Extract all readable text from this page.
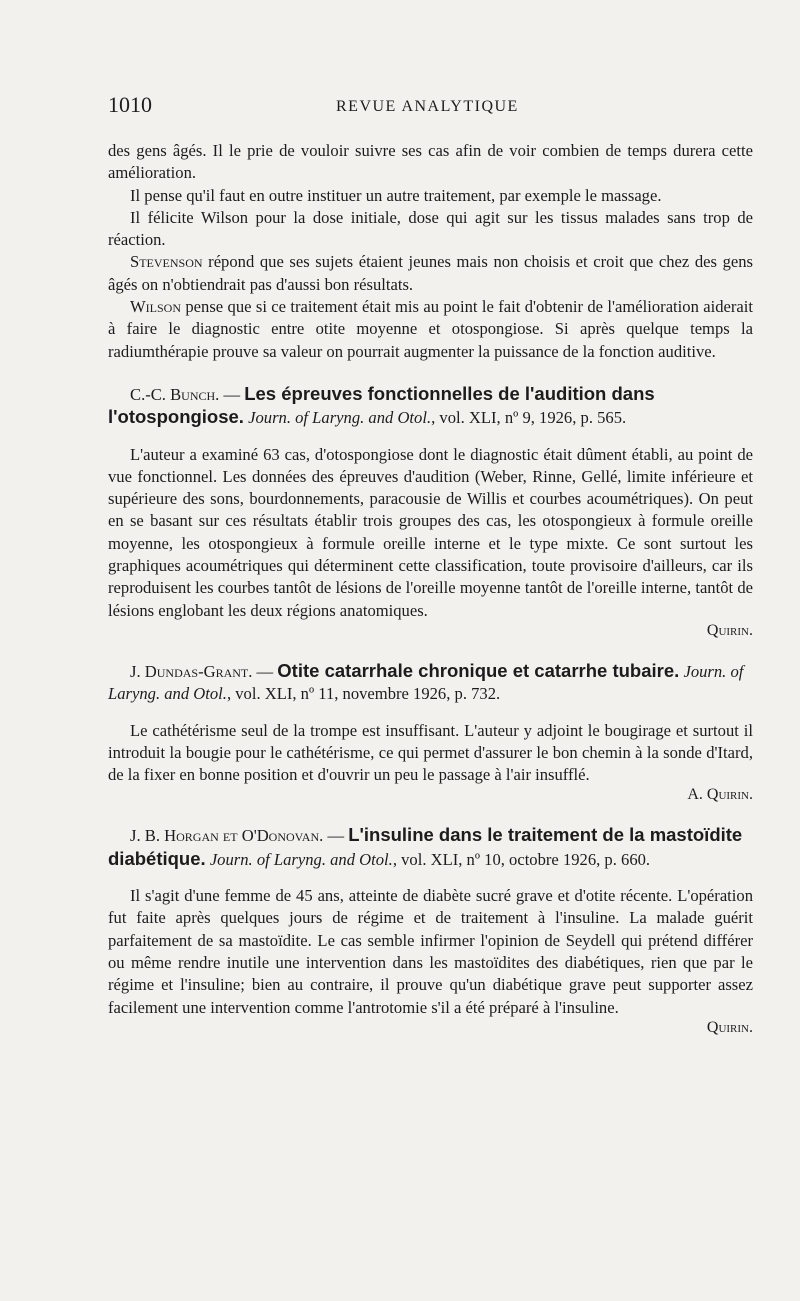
1010	REVUE ANALYTIQUE

des gens âgés. Il le prie de vouloir suivre ses cas afin de voir combien de temps durera cette amélioration.

Il pense qu'il faut en outre instituer un autre traitement, par exemple le massage.

Il félicite Wilson pour la dose initiale, dose qui agit sur les tissus malades sans trop de réaction.

Stevenson répond que ses sujets étaient jeunes mais non choisis et croit que chez des gens âgés on n'obtiendrait pas d'aussi bon résultats.

Wilson pense que si ce traitement était mis au point le fait d'obtenir de l'amélioration aiderait à faire le diagnostic entre otite moyenne et otospongiose. Si après quelque temps la radiumthérapie prouve sa valeur on pourrait augmenter la puissance de la fonction auditive.

C.-C. Bunch. — Les épreuves fonctionnelles de l'audition dans l'otospongiose. Journ. of Laryng. and Otol., vol. XLI, nº 9, 1926, p. 565.

L'auteur a examiné 63 cas, d'otospongiose dont le diagnostic était dûment établi, au point de vue fonctionnel. Les données des épreuves d'audition (Weber, Rinne, Gellé, limite inférieure et supérieure des sons, bourdonnements, paracousie de Willis et courbes acoumétriques). On peut en se basant sur ces résultats établir trois groupes des cas, les otospongieux à formule oreille moyenne, les otospongieux à formule oreille interne et le type mixte. Ce sont surtout les graphiques acoumétriques qui déterminent cette classification, toute provisoire d'ailleurs, car ils reproduisent les courbes tantôt de lésions de l'oreille moyenne tantôt de l'oreille interne, tantôt de lésions englobant les deux régions anatomiques.

Quirin.
J. Dundas-Grant. — Otite catarrhale chronique et catarrhe tubaire. Journ. of Laryng. and Otol., vol. XLI, nº 11, novembre 1926, p. 732.

Le cathétérisme seul de la trompe est insuffisant. L'auteur y adjoint le bougirage et surtout il introduit la bougie pour le cathétérisme, ce qui permet d'assurer le bon chemin à la sonde d'Itard, de la fixer en bonne position et d'ouvrir un peu le passage à l'air insufflé.

A. Quirin.
J. B. Horgan et O'Donovan. — L'insuline dans le traitement de la mastoïdite diabétique. Journ. of Laryng. and Otol., vol. XLI, nº 10, octobre 1926, p. 660.

Il s'agit d'une femme de 45 ans, atteinte de diabète sucré grave et d'otite récente. L'opération fut faite après quelques jours de régime et de traitement à l'insuline. La malade guérit parfaitement de sa mastoïdite. Le cas semble infirmer l'opinion de Seydell qui prétend différer ou même rendre inutile une intervention dans les mastoïdites des diabétiques, rien que par le régime et l'insuline; bien au contraire, il prouve qu'un diabétique grave peut supporter assez facilement une intervention comme l'antrotomie s'il a été préparé à l'insuline.

Quirin.
